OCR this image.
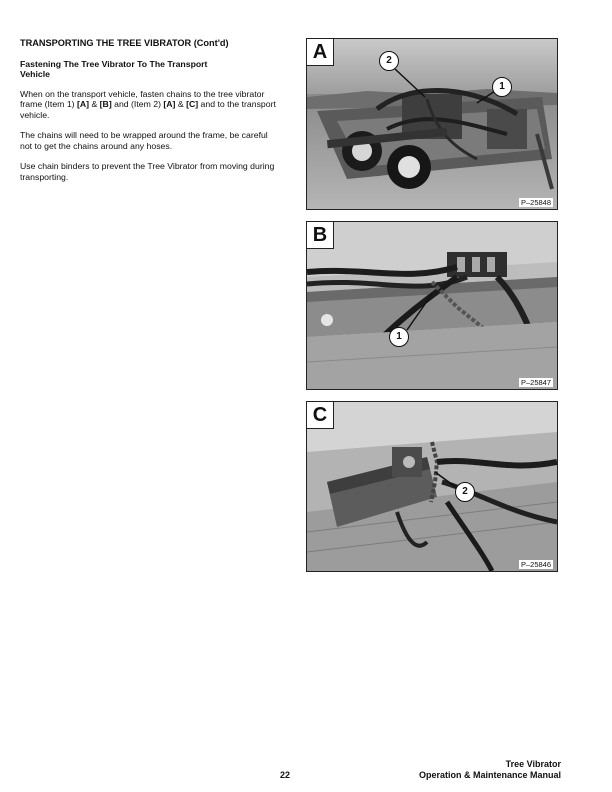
TRANSPORTING THE TREE VIBRATOR (Cont'd)
Fastening The Tree Vibrator To The Transport
Vehicle
When on the transport vehicle, fasten chains to the tree vibrator frame (Item 1) [A] & [B] and (Item 2) [A] & [C] and to the transport vehicle.
The chains will need to be wrapped around the frame, be careful not to get the chains around any hoses.
Use chain binders to prevent the Tree Vibrator from moving during transporting.
A	2
1
P–25848
B
1
P–25847
C
2
P–25846
22
Tree Vibrator
Operation & Maintenance Manual
